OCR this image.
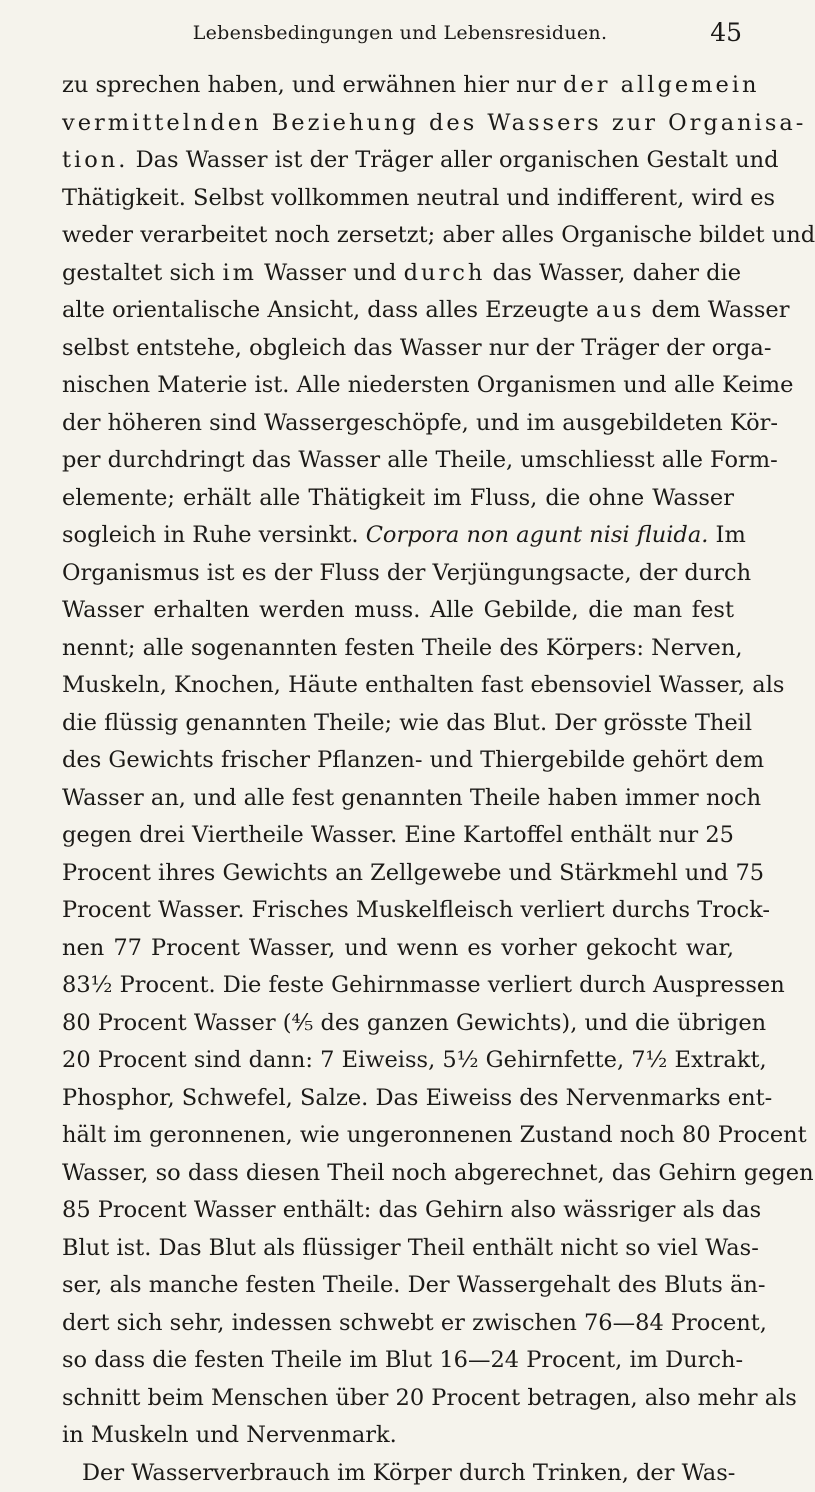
Lebensbedingungen und Lebensresiduen.	45
zu sprechen haben, und erwähnen hier nur der allgemein
vermittelnden Beziehung des Wassers zur Organisa-
tion. Das Wasser ist der Träger aller organischen Gestalt und
Thätigkeit. Selbst vollkommen neutral und indifferent, wird es
weder verarbeitet noch zersetzt; aber alles Organische bildet und
gestaltet sich im Wasser und durch das Wasser, daher die
alte orientalische Ansicht, dass alles Erzeugte aus dem Wasser
selbst entstehe, obgleich das Wasser nur der Träger der orga-
nischen Materie ist. Alle niedersten Organismen und alle Keime
der höheren sind Wassergeschöpfe, und im ausgebildeten Kör-
per durchdringt das Wasser alle Theile, umschliesst alle Form-
elemente; erhält alle Thätigkeit im Fluss, die ohne Wasser
sogleich in Ruhe versinkt. Corpora non agunt nisi fluida. Im
Organismus ist es der Fluss der Verjüngungsacte, der durch
Wasser erhalten werden muss. Alle Gebilde, die man fest
nennt; alle sogenannten festen Theile des Körpers: Nerven,
Muskeln, Knochen, Häute enthalten fast ebensoviel Wasser, als
die flüssig genannten Theile; wie das Blut. Der grösste Theil
des Gewichts frischer Pflanzen- und Thiergebilde gehört dem
Wasser an, und alle fest genannten Theile haben immer noch
gegen drei Viertheile Wasser. Eine Kartoffel enthält nur 25
Procent ihres Gewichts an Zellgewebe und Stärkmehl und 75
Procent Wasser. Frisches Muskelfleisch verliert durchs Trock-
nen 77 Procent Wasser, und wenn es vorher gekocht war,
83½ Procent. Die feste Gehirnmasse verliert durch Auspressen
80 Procent Wasser (⅘ des ganzen Gewichts), und die übrigen
20 Procent sind dann: 7 Eiweiss, 5½ Gehirnfette, 7½ Extrakt,
Phosphor, Schwefel, Salze. Das Eiweiss des Nervenmarks ent-
hält im geronnenen, wie ungeronnenen Zustand noch 80 Procent
Wasser, so dass diesen Theil noch abgerechnet, das Gehirn gegen
85 Procent Wasser enthält: das Gehirn also wässriger als das
Blut ist. Das Blut als flüssiger Theil enthält nicht so viel Was-
ser, als manche festen Theile. Der Wassergehalt des Bluts än-
dert sich sehr, indessen schwebt er zwischen 76—84 Procent,
so dass die festen Theile im Blut 16—24 Procent, im Durch-
schnitt beim Menschen über 20 Procent betragen, also mehr als
in Muskeln und Nervenmark.
Der Wasserverbrauch im Körper durch Trinken, der Was-
